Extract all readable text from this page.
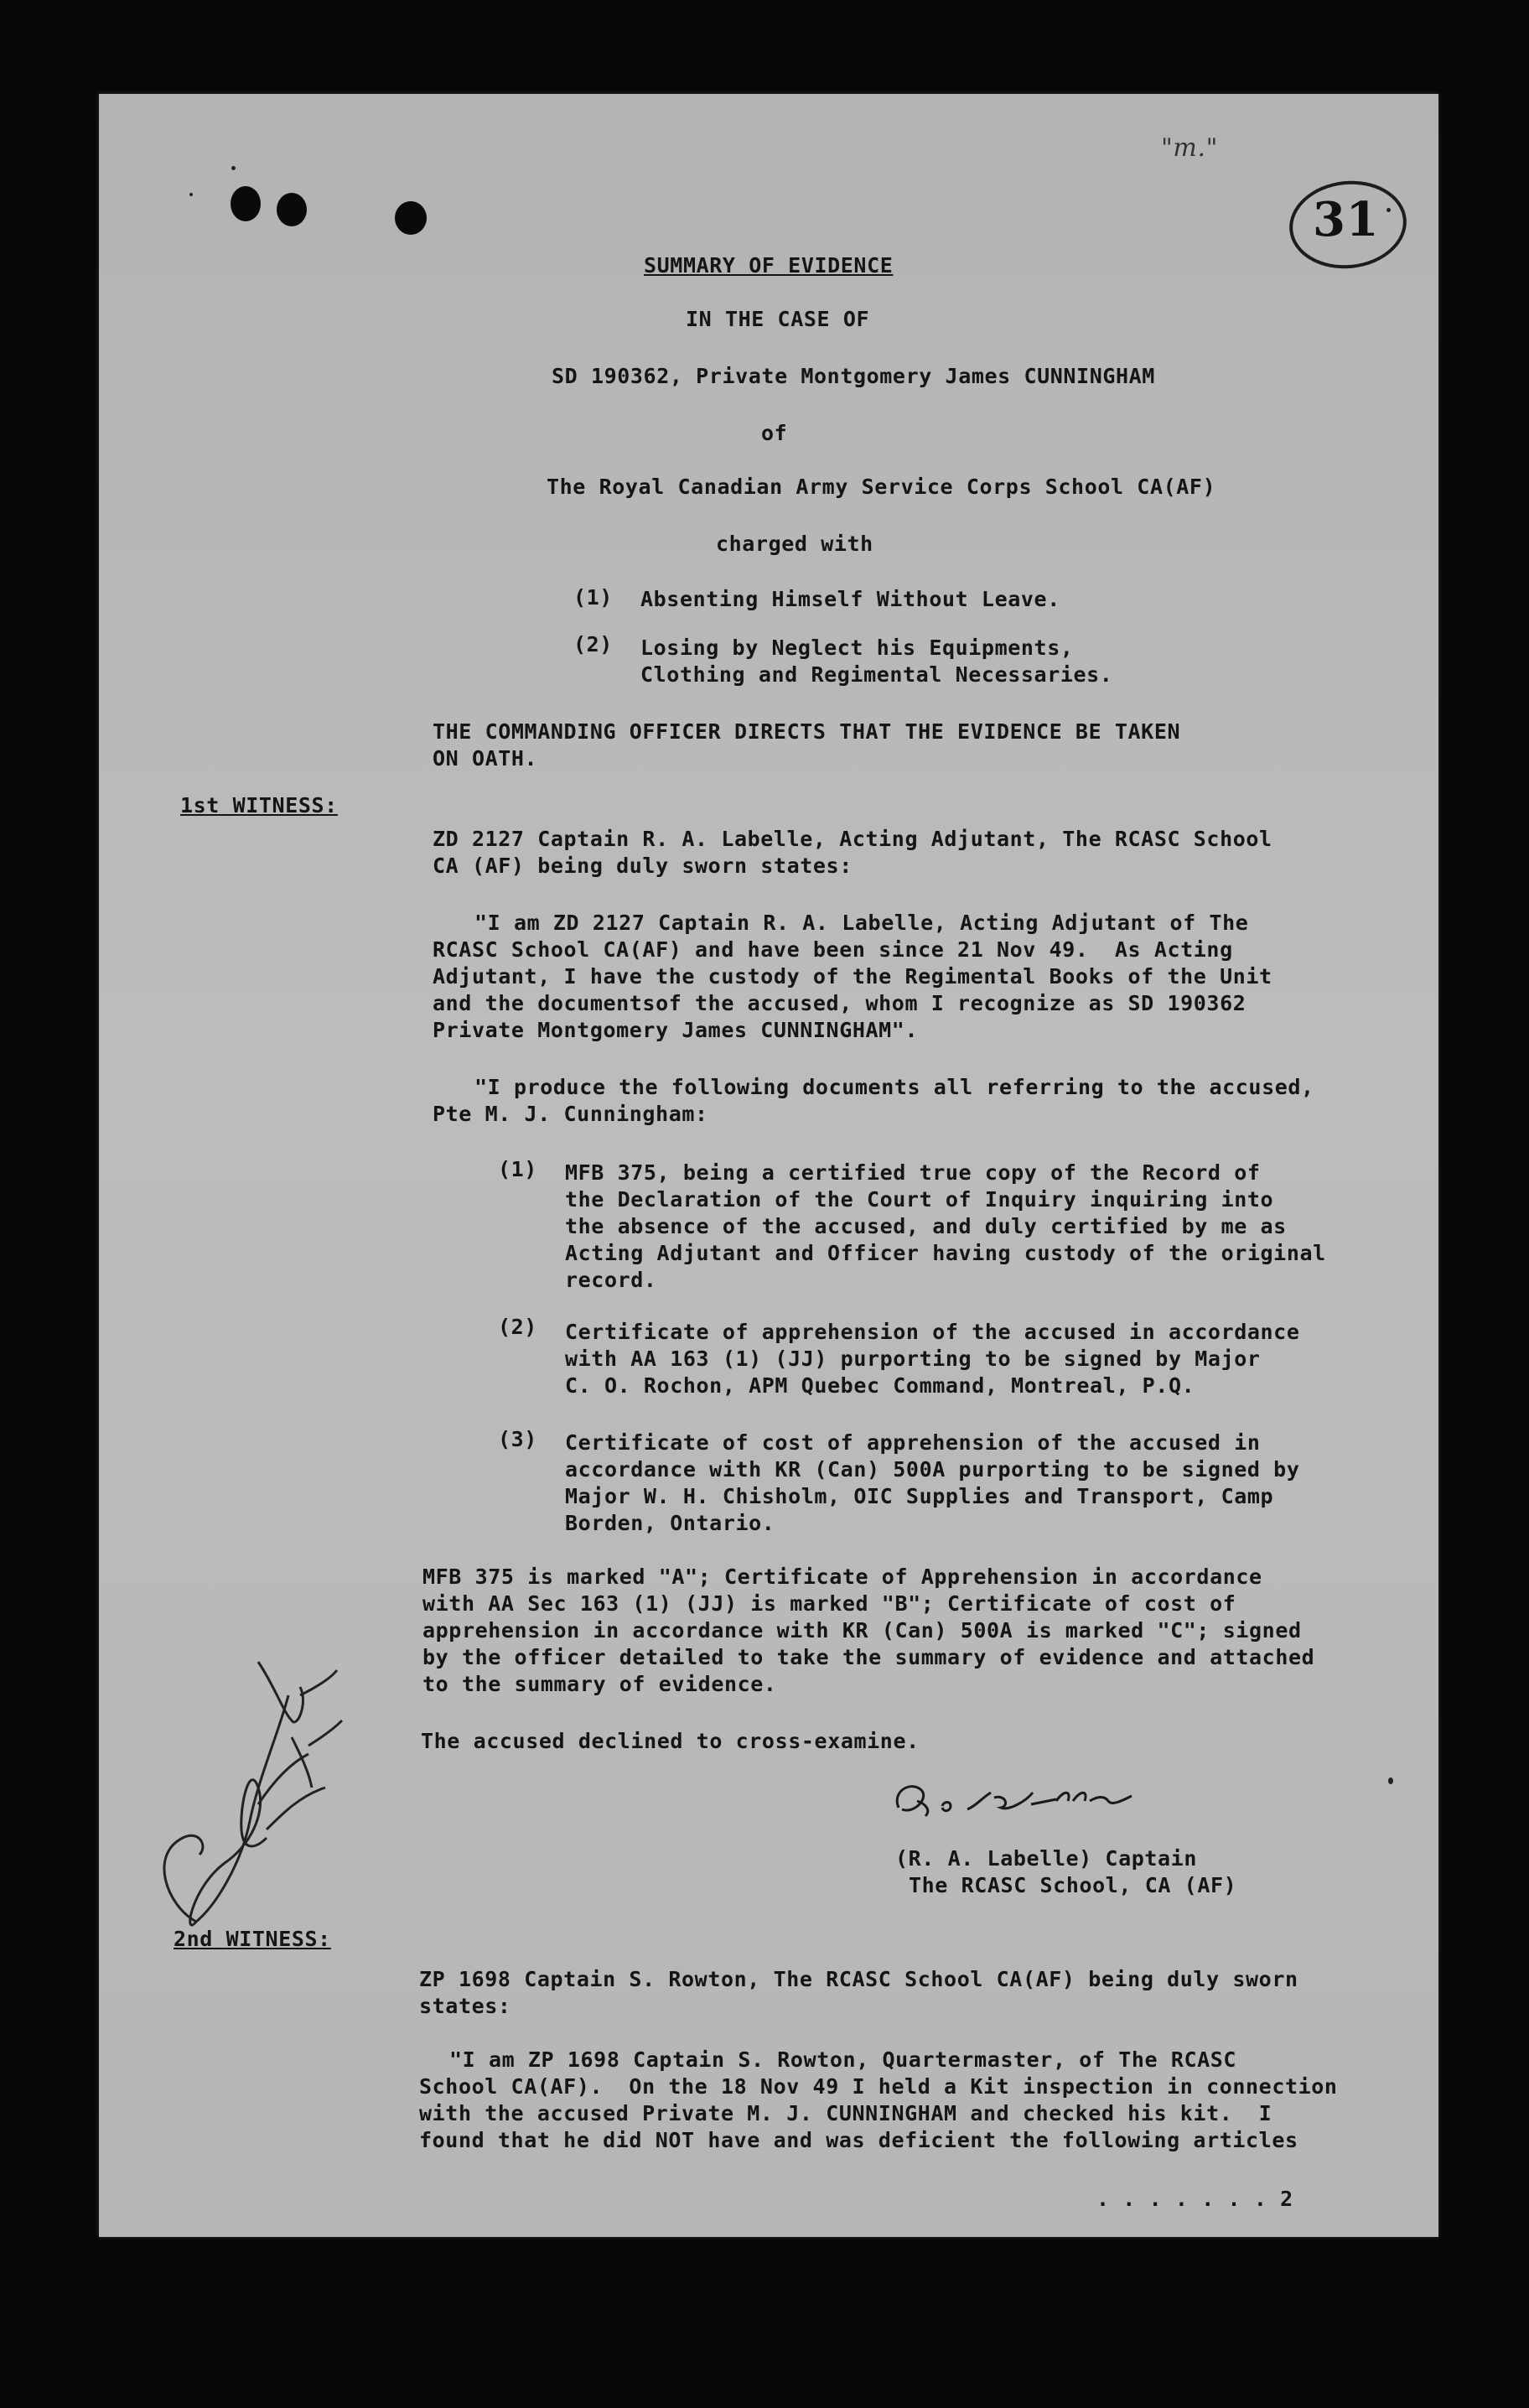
"m."
31
SUMMARY OF EVIDENCE
IN THE CASE OF
SD 190362, Private Montgomery James CUNNINGHAM
of
The Royal Canadian Army Service Corps School CA(AF)
charged with
(1) Absenting Himself Without Leave.
(2) Losing by Neglect his Equipments,
Clothing and Regimental Necessaries.
THE COMMANDING OFFICER DIRECTS THAT THE EVIDENCE BE TAKEN
ON OATH.
1st WITNESS:
ZD 2127 Captain R. A. Labelle, Acting Adjutant, The RCASC School
CA (AF) being duly sworn states:
"I am ZD 2127 Captain R. A. Labelle, Acting Adjutant of The
RCASC School CA(AF) and have been since 21 Nov 49.  As Acting
Adjutant, I have the custody of the Regimental Books of the Unit
and the documentsof the accused, whom I recognize as SD 190362
Private Montgomery James CUNNINGHAM".
"I produce the following documents all referring to the accused,
Pte M. J. Cunningham:
(1) MFB 375, being a certified true copy of the Record of
the Declaration of the Court of Inquiry inquiring into
the absence of the accused, and duly certified by me as
Acting Adjutant and Officer having custody of the original
record.
(2) Certificate of apprehension of the accused in accordance
with AA 163 (1) (JJ) purporting to be signed by Major
C. O. Rochon, APM Quebec Command, Montreal, P.Q.
(3) Certificate of cost of apprehension of the accused in
accordance with KR (Can) 500A purporting to be signed by
Major W. H. Chisholm, OIC Supplies and Transport, Camp
Borden, Ontario.
MFB 375 is marked "A"; Certificate of Apprehension in accordance
with AA Sec 163 (1) (JJ) is marked "B"; Certificate of cost of
apprehension in accordance with KR (Can) 500A is marked "C"; signed
by the officer detailed to take the summary of evidence and attached
to the summary of evidence.
The accused declined to cross-examine.
(R. A. Labelle) Captain
The RCASC School, CA (AF)
2nd WITNESS:
ZP 1698 Captain S. Rowton, The RCASC School CA(AF) being duly sworn
states:
"I am ZP 1698 Captain S. Rowton, Quartermaster, of The RCASC
School CA(AF).  On the 18 Nov 49 I held a Kit inspection in connection
with the accused Private M. J. CUNNINGHAM and checked his kit.  I
found that he did NOT have and was deficient the following articles
. . . . . . . 2
